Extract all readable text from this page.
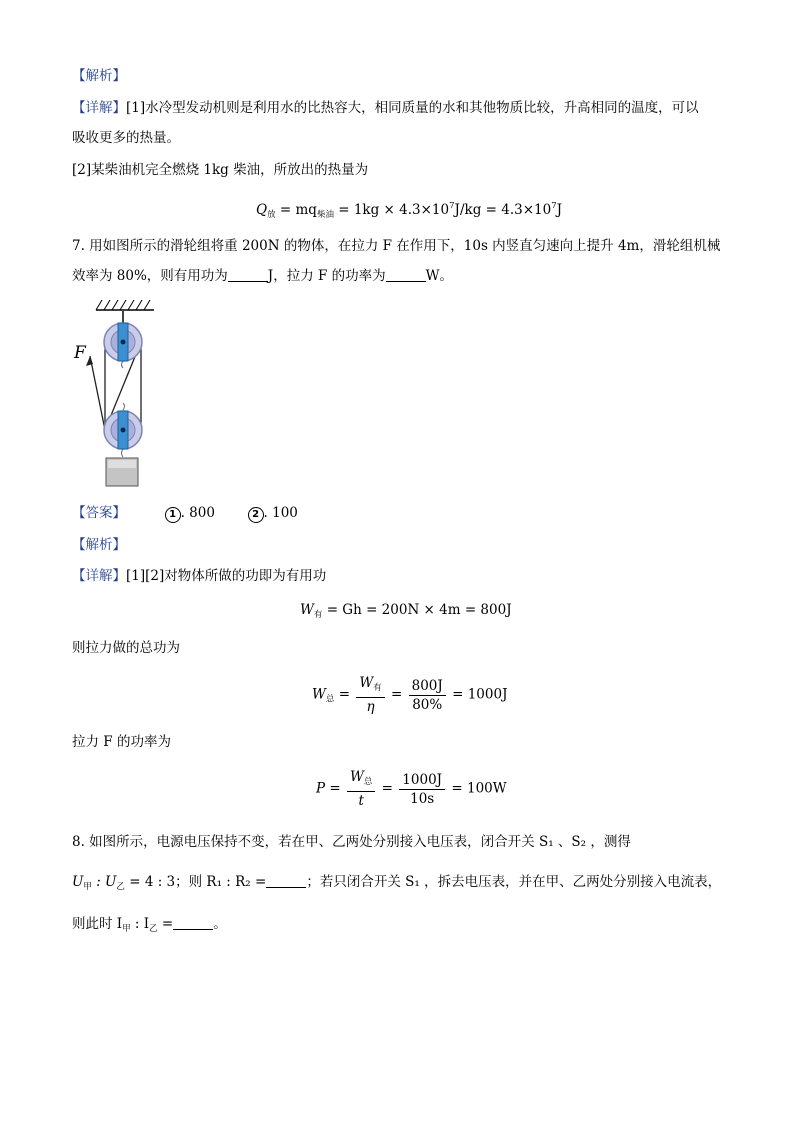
【解析】
【详解】[1]水冷型发动机则是利用水的比热容大，相同质量的水和其他物质比较，升高相同的温度，可以
吸收更多的热量。
[2]某柴油机完全燃烧 1kg 柴油，所放出的热量为
$Q_放 = mq_{柴油} = 1kg \times 4.3\times 10^7J/kg = 4.3\times 10^7J$
7. 用如图所示的滑轮组将重 200N 的物体，在拉力 F 在作用下，10s 内竖直匀速向上提升 4m，滑轮组机械
效率为 80%，则有用功为	J，拉力 F 的功率为	W。
F
【答案】	1 . 800	2 . 100
【解析】
【详解】[1][2]对物体所做的功即为有用功
$W_有 = Gh = 200N \times 4m = 800J$
则拉力做的总功为
$W_总 = \frac{W_有}{\eta} = \frac{800J}{80\%} = 1000J$
拉力 F 的功率为
$P = \frac{W_总}{t} = \frac{1000J}{10s} = 100W$
8. 如图所示，电源电压保持不变，若在甲、乙两处分别接入电压表，闭合开关 S₁ 、S₂ ，测得
$U_甲$ : $U_乙 = 4$ : 3；则 R₁ : R₂ =	；若只闭合开关 S₁ ，拆去电压表，并在甲、乙两处分别接入电流表，
则此时 $I_甲$ : $I_乙$ =	。
